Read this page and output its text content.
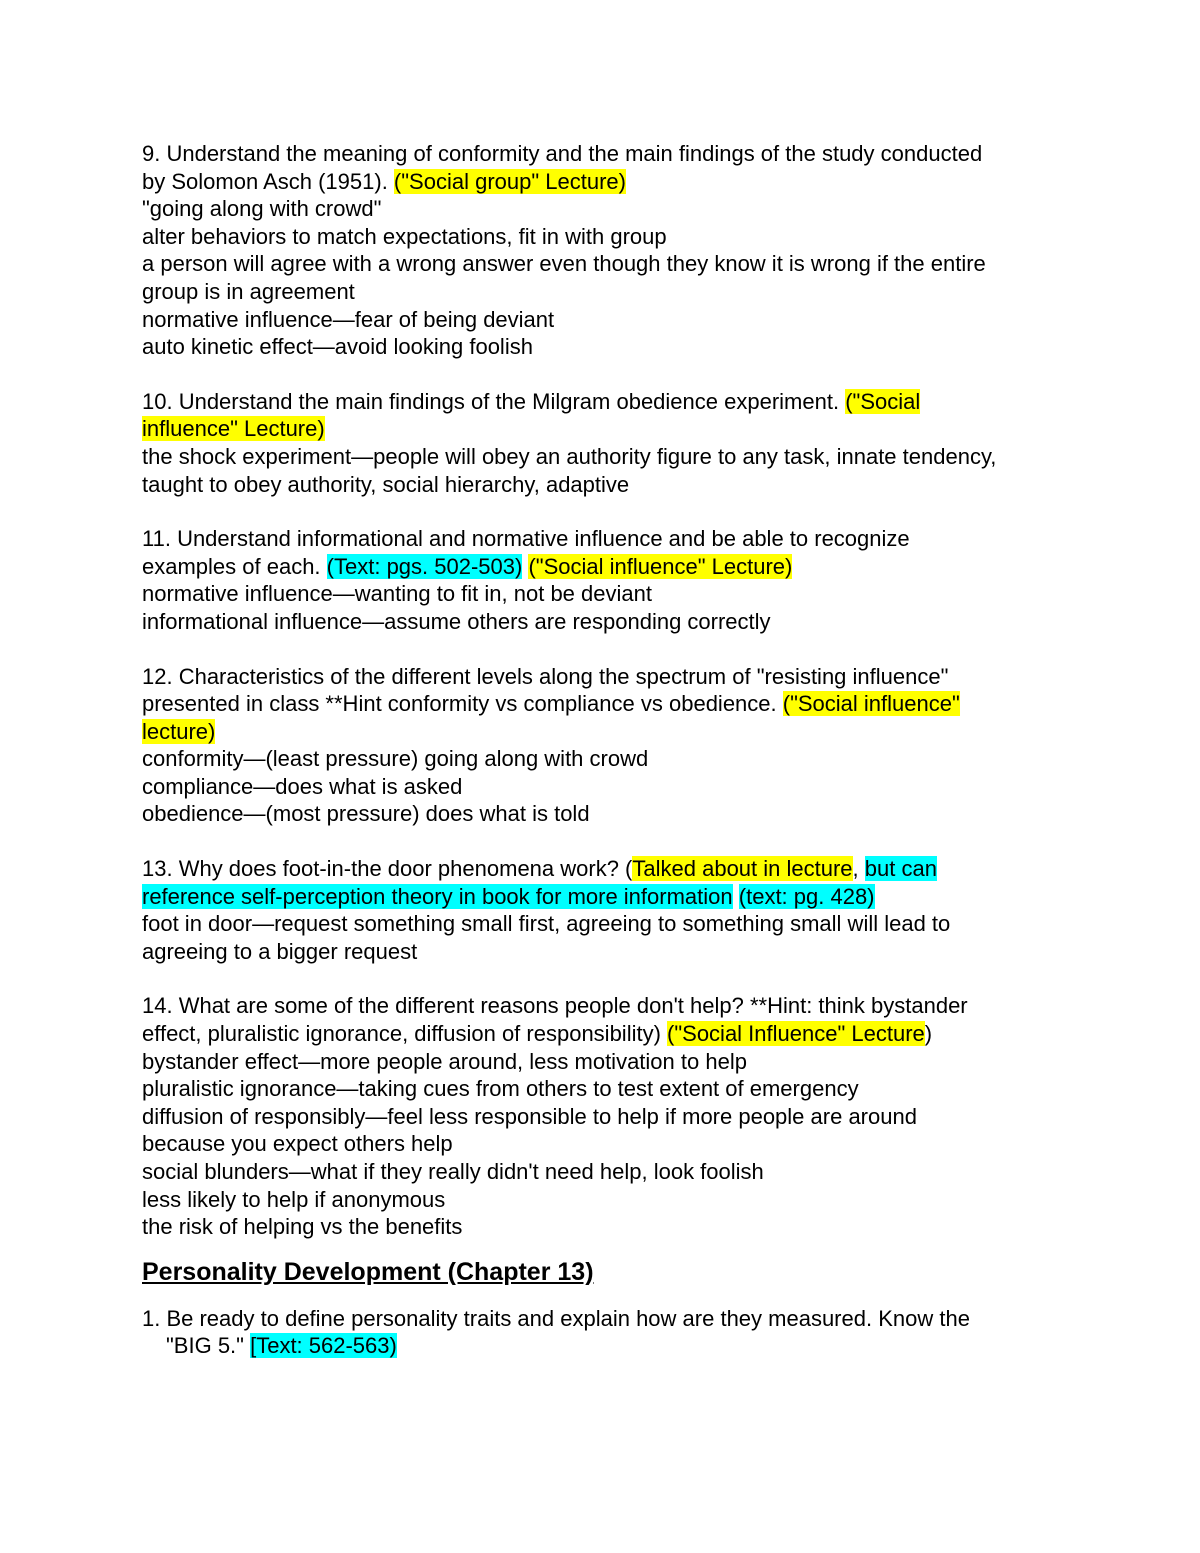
9. Understand the meaning of conformity and the main findings of the study conducted
by Solomon Asch (1951). ("Social group" Lecture)
"going along with crowd"
alter behaviors to match expectations, fit in with group
a person will agree with a wrong answer even though they know it is wrong if the entire
group is in agreement
normative influence—fear of being deviant
auto kinetic effect—avoid looking foolish
10. Understand the main findings of the Milgram obedience experiment. ("Social
influence" Lecture)
the shock experiment—people will obey an authority figure to any task, innate tendency,
taught to obey authority, social hierarchy, adaptive
11. Understand informational and normative influence and be able to recognize
examples of each. (Text: pgs. 502-503) ("Social influence" Lecture)
normative influence—wanting to fit in, not be deviant
informational influence—assume others are responding correctly
12. Characteristics of the different levels along the spectrum of "resisting influence"
presented in class **Hint conformity vs compliance vs obedience. ("Social influence"
lecture)
conformity—(least pressure) going along with crowd
compliance—does what is asked
obedience—(most pressure) does what is told
13. Why does foot-in-the door phenomena work? (Talked about in lecture, but can
reference self-perception theory in book for more information (text: pg. 428)
foot in door—request something small first, agreeing to something small will lead to
agreeing to a bigger request
14. What are some of the different reasons people don't help? **Hint: think bystander
effect, pluralistic ignorance, diffusion of responsibility) ("Social Influence" Lecture)
bystander effect—more people around, less motivation to help
pluralistic ignorance—taking cues from others to test extent of emergency
diffusion of responsibly—feel less responsible to help if more people are around
because you expect others help
social blunders—what if they really didn't need help, look foolish
less likely to help if anonymous
the risk of helping vs the benefits
Personality Development (Chapter 13)
1. Be ready to define personality traits and explain how are they measured. Know the
"BIG 5." [Text: 562-563)
